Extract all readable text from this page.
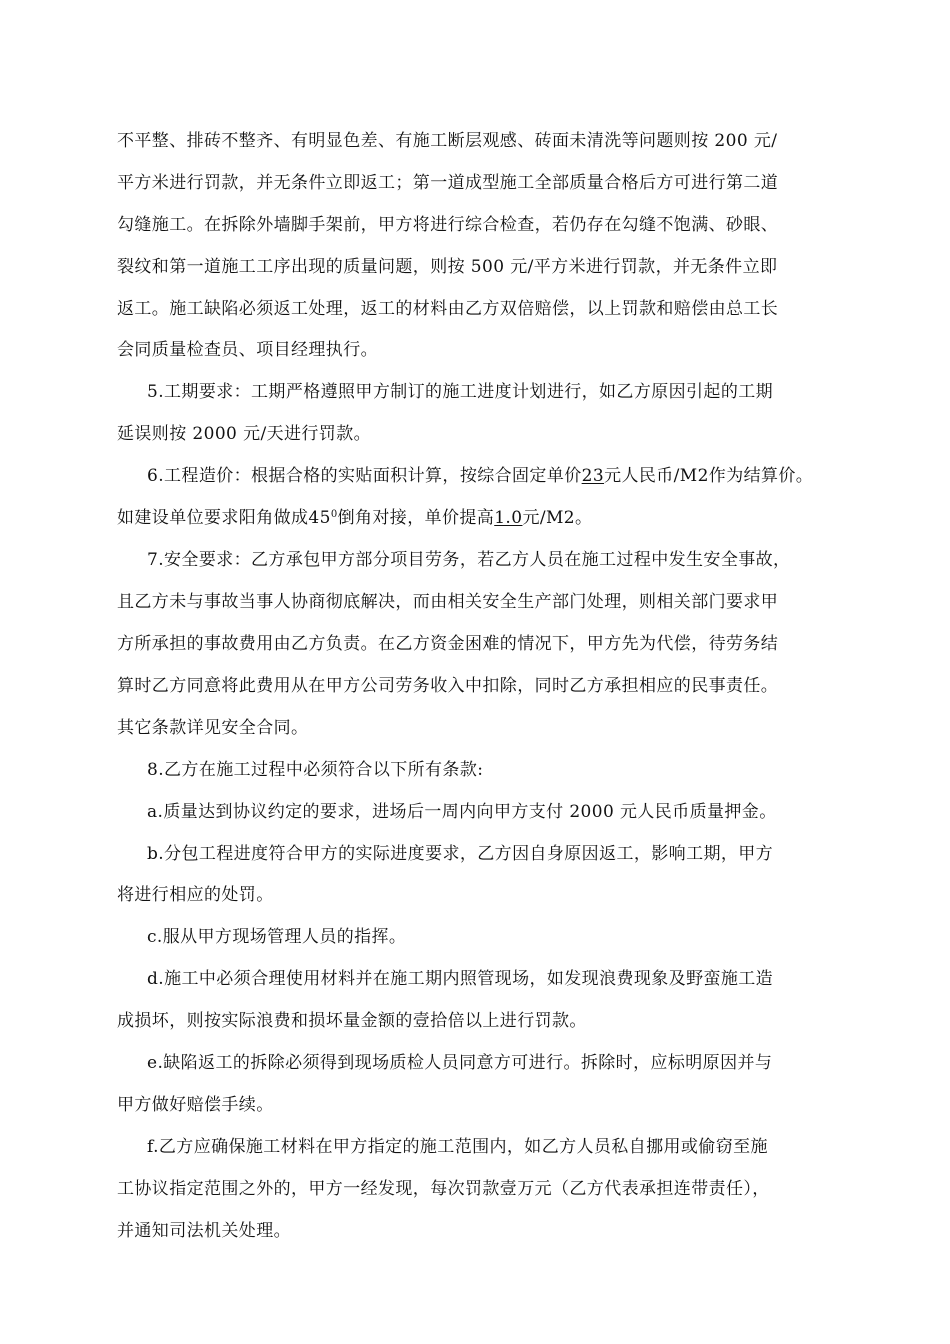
不平整、排砖不整齐、有明显色差、有施工断层观感、砖面未清洗等问题则按 200 元/
平方米进行罚款，并无条件立即返工；第一道成型施工全部质量合格后方可进行第二道
勾缝施工。在拆除外墙脚手架前，甲方将进行综合检查，若仍存在勾缝不饱满、砂眼、
裂纹和第一道施工工序出现的质量问题，则按 500 元/平方米进行罚款，并无条件立即
返工。施工缺陷必须返工处理，返工的材料由乙方双倍赔偿，以上罚款和赔偿由总工长
会同质量检查员、项目经理执行。
5.工期要求：工期严格遵照甲方制订的施工进度计划进行，如乙方原因引起的工期
延误则按 2000 元/天进行罚款。
6.工程造价：根据合格的实贴面积计算，按综合固定单价23元人民币/M2作为结算价。
如建设单位要求阳角做成$45^0$倒角对接，单价提高1.0元/M2。
7.安全要求：乙方承包甲方部分项目劳务，若乙方人员在施工过程中发生安全事故，
且乙方未与事故当事人协商彻底解决，而由相关安全生产部门处理，则相关部门要求甲
方所承担的事故费用由乙方负责。在乙方资金困难的情况下，甲方先为代偿，待劳务结
算时乙方同意将此费用从在甲方公司劳务收入中扣除，同时乙方承担相应的民事责任。
其它条款详见安全合同。
8.乙方在施工过程中必须符合以下所有条款:
a.质量达到协议约定的要求，进场后一周内向甲方支付 2000 元人民币质量押金。
b.分包工程进度符合甲方的实际进度要求，乙方因自身原因返工，影响工期，甲方
将进行相应的处罚。
c.服从甲方现场管理人员的指挥。
d.施工中必须合理使用材料并在施工期内照管现场，如发现浪费现象及野蛮施工造
成损坏，则按实际浪费和损坏量金额的壹拾倍以上进行罚款。
e.缺陷返工的拆除必须得到现场质检人员同意方可进行。拆除时，应标明原因并与
甲方做好赔偿手续。
f.乙方应确保施工材料在甲方指定的施工范围内，如乙方人员私自挪用或偷窃至施
工协议指定范围之外的，甲方一经发现，每次罚款壹万元（乙方代表承担连带责任），
并通知司法机关处理。
